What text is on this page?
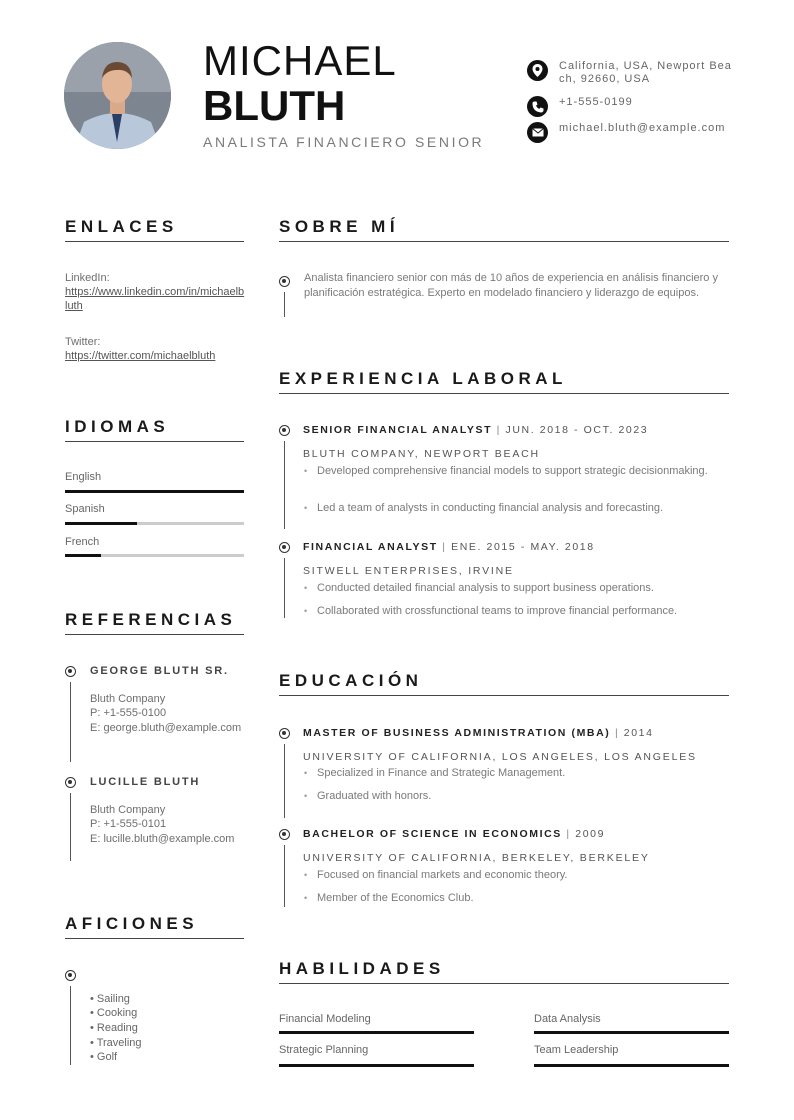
MICHAEL
BLUTH
ANALISTA FINANCIERO SENIOR
California, USA, Newport Beach, 92660, USA
+1-555-0199
michael.bluth@example.com
ENLACES
LinkedIn:
https://www.linkedin.com/in/michaelbluth
Twitter:
https://twitter.com/michaelbluth
IDIOMAS
English
Spanish
French
REFERENCIAS
GEORGE BLUTH SR.
Bluth Company
P: +1-555-0100
E: george.bluth@example.com
LUCILLE BLUTH
Bluth Company
P: +1-555-0101
E: lucille.bluth@example.com
AFICIONES
• Sailing
• Cooking
• Reading
• Traveling
• Golf
SOBRE MÍ
Analista financiero senior con más de 10 años de experiencia en análisis financiero y planificación estratégica. Experto en modelado financiero y liderazgo de equipos.
EXPERIENCIA LABORAL
SENIOR FINANCIAL ANALYST | JUN. 2018 - OCT. 2023
BLUTH COMPANY, NEWPORT BEACH
• Developed comprehensive financial models to support strategic decisionmaking.
• Led a team of analysts in conducting financial analysis and forecasting.
FINANCIAL ANALYST | ENE. 2015 - MAY. 2018
SITWELL ENTERPRISES, IRVINE
• Conducted detailed financial analysis to support business operations.
• Collaborated with crossfunctional teams to improve financial performance.
EDUCACIÓN
MASTER OF BUSINESS ADMINISTRATION (MBA) | 2014
UNIVERSITY OF CALIFORNIA, LOS ANGELES, LOS ANGELES
• Specialized in Finance and Strategic Management.
• Graduated with honors.
BACHELOR OF SCIENCE IN ECONOMICS | 2009
UNIVERSITY OF CALIFORNIA, BERKELEY, BERKELEY
• Focused on financial markets and economic theory.
• Member of the Economics Club.
HABILIDADES
Financial Modeling	Data Analysis
Strategic Planning	Team Leadership
